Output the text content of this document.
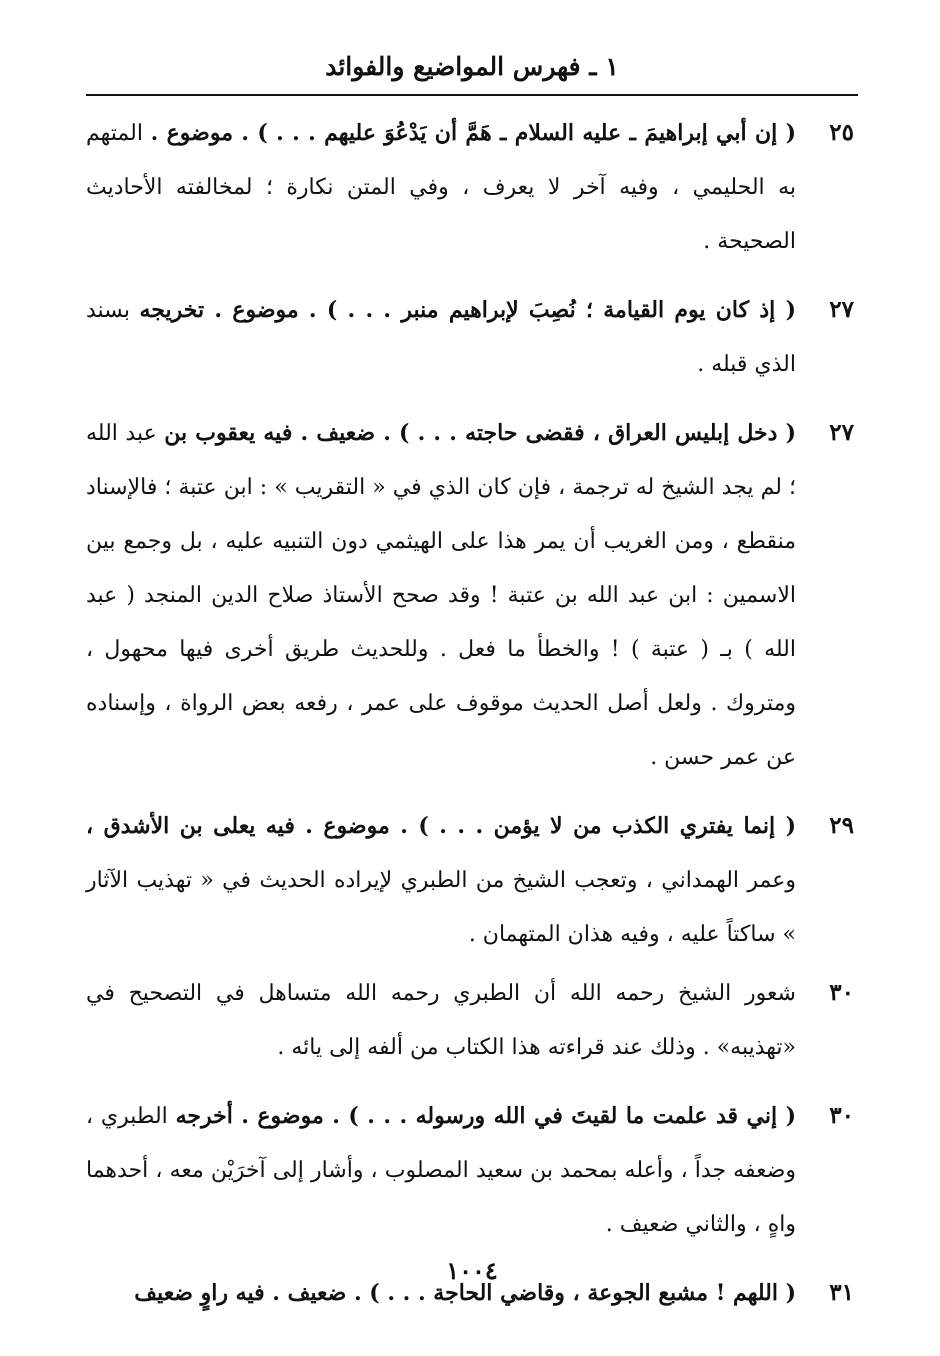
١ ـ فهرس المواضيع والفوائد
٢٥
( إن أبي إبراهيمَ ـ عليه السلام ـ هَمَّ أن يَدْعُوَ عليهم . . . ) . موضوع . المتهم به الحليمي ، وفيه آخر لا يعرف ، وفي المتن نكارة ؛ لمخالفته الأحاديث الصحيحة .
٢٧
( إذ كان يوم القيامة ؛ نُصِبَ لإبراهيم منبر . . . ) . موضوع . تخريجه بسند الذي قبله .
٢٧
( دخل إبليس العراق ، فقضى حاجته . . . ) . ضعيف . فيه يعقوب بن عبد الله ؛ لم يجد الشيخ له ترجمة ، فإن كان الذي في « التقريب » : ابن عتبة ؛ فالإسناد منقطع ، ومن الغريب أن يمر هذا على الهيثمي دون التنبيه عليه ، بل وجمع بين الاسمين : ابن عبد الله بن عتبة ! وقد صحح الأستاذ صلاح الدين المنجد ( عبد الله ) بـ ( عتبة ) ! والخطأ ما فعل . وللحديث طريق أخرى فيها محهول ، ومتروك . ولعل أصل الحديث موقوف على عمر ، رفعه بعض الرواة ، وإسناده عن عمر حسن .
٢٩
( إنما يفتري الكذب من لا يؤمن . . . ) . موضوع . فيه يعلى بن الأشدق ، وعمر الهمداني ، وتعجب الشيخ من الطبري لإيراده الحديث في « تهذيب الآثار » ساكتاً عليه ، وفيه هذان المتهمان .
٣٠
شعور الشيخ رحمه الله أن الطبري رحمه الله متساهل في التصحيح في «تهذيبه» . وذلك عند قراءته هذا الكتاب من ألفه إلى يائه .
٣٠
( إني قد علمت ما لقيتَ في الله ورسوله . . . ) . موضوع . أخرجه الطبري ، وضعفه جداً ، وأعله بمحمد بن سعيد المصلوب ، وأشار إلى آخرَيْن معه ، أحدهما واهٍ ، والثاني ضعيف .
٣١
( اللهم ! مشبع الجوعة ، وقاضي الحاجة . . . ) . ضعيف . فيه راوٍ ضعيف
١٠٠٤
